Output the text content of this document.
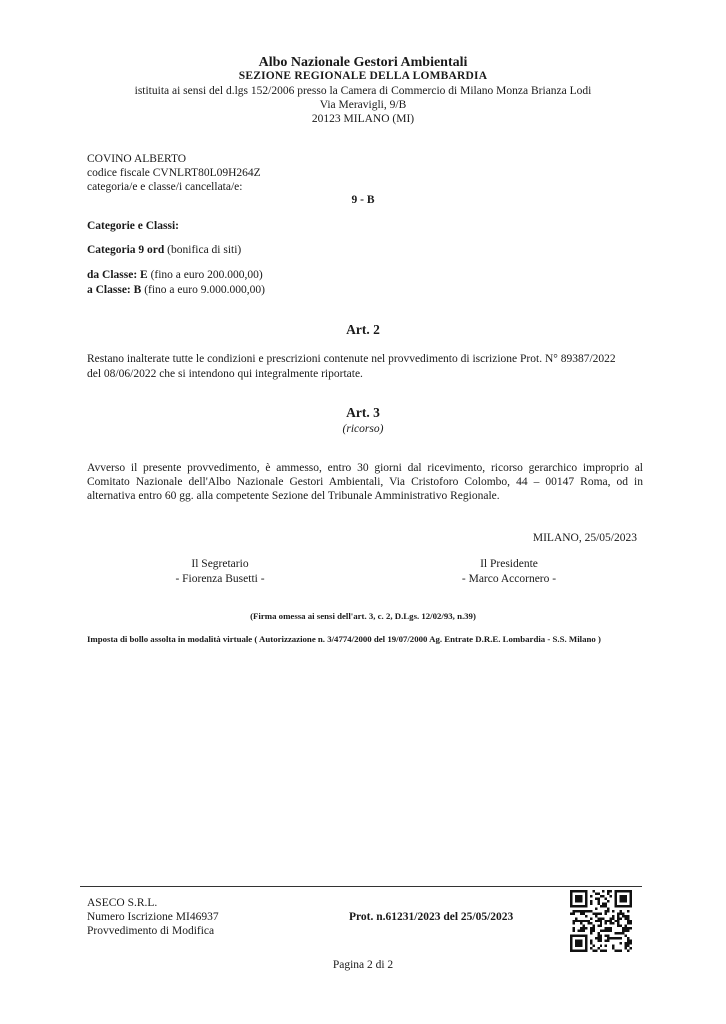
Albo Nazionale Gestori Ambientali
SEZIONE REGIONALE DELLA LOMBARDIA
istituita ai sensi del d.lgs 152/2006 presso la Camera di Commercio di Milano Monza Brianza Lodi
Via Meravigli, 9/B
20123 MILANO (MI)
COVINO ALBERTO
codice fiscale CVNLRT80L09H264Z
categoria/e e classe/i cancellata/e:
9 - B
Categorie e Classi:
Categoria 9 ord (bonifica di siti)
da Classe: E (fino a euro 200.000,00)
a Classe: B (fino a euro 9.000.000,00)
Art. 2
Restano inalterate tutte le condizioni e prescrizioni contenute nel provvedimento di iscrizione Prot. N° 89387/2022
del 08/06/2022 che si intendono qui integralmente riportate.
Art. 3
(ricorso)
Avverso il presente provvedimento, è ammesso, entro 30 giorni dal ricevimento, ricorso gerarchico improprio al Comitato Nazionale dell'Albo Nazionale Gestori Ambientali, Via Cristoforo Colombo, 44 – 00147 Roma, od in alternativa entro 60 gg. alla competente Sezione del Tribunale Amministrativo Regionale.
MILANO, 25/05/2023
Il Segretario
- Fiorenza Busetti -
Il Presidente
- Marco Accornero -
(Firma omessa ai sensi dell'art. 3, c. 2, D.Lgs. 12/02/93, n.39)
Imposta di bollo assolta in modalità virtuale ( Autorizzazione n. 3/4774/2000 del 19/07/2000 Ag. Entrate D.R.E. Lombardia - S.S. Milano )
ASECO S.R.L.
Numero Iscrizione MI46937
Provvedimento di Modifica
Prot. n.61231/2023 del 25/05/2023
Pagina 2 di 2
